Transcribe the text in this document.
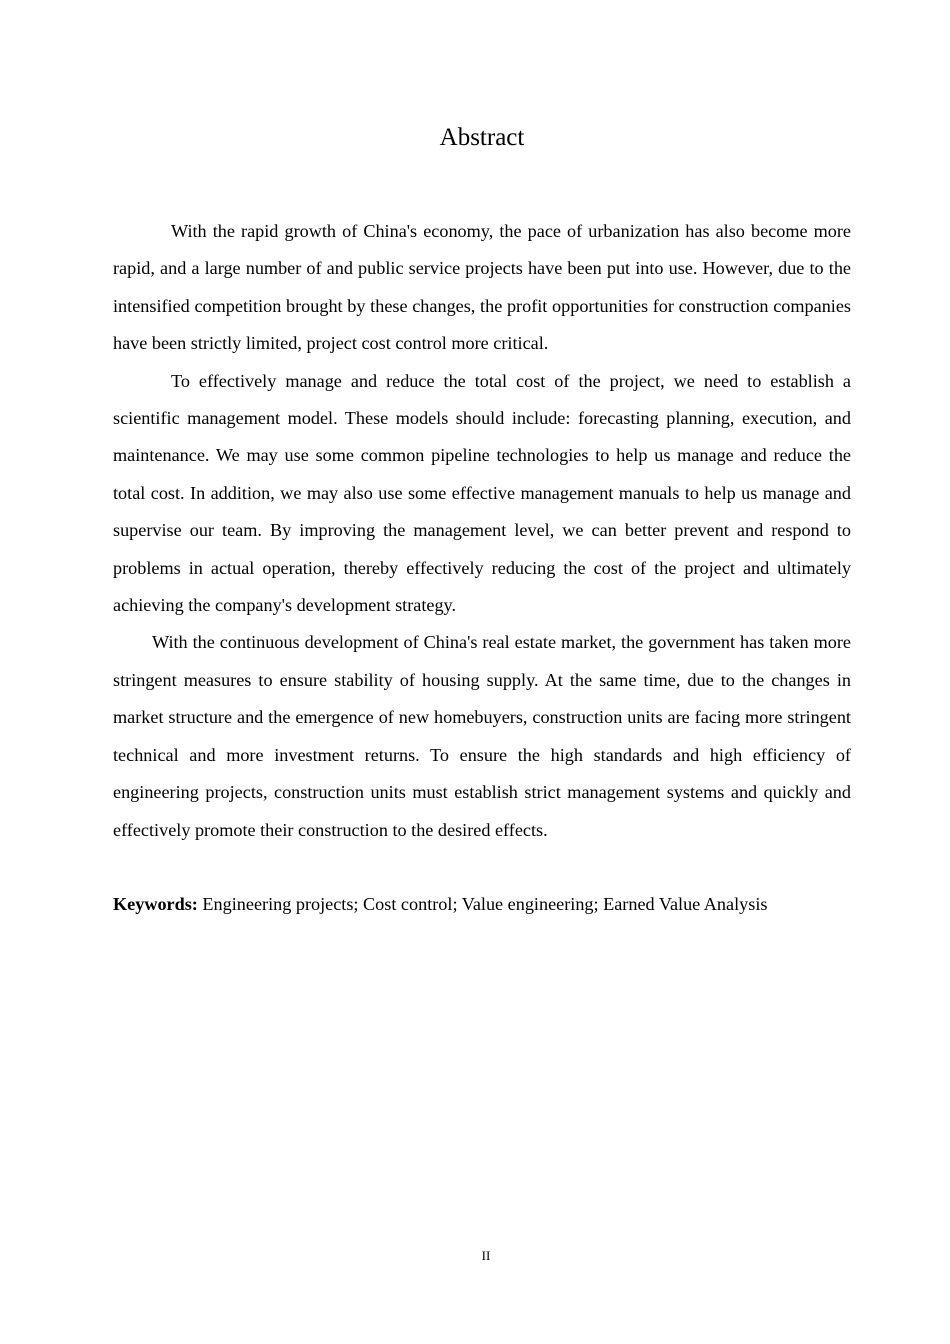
Abstract

With the rapid growth of China's economy, the pace of urbanization has also become more rapid, and a large number of and public service projects have been put into use. However, due to the intensified competition brought by these changes, the profit opportunities for construction companies have been strictly limited, project cost control more critical.

To effectively manage and reduce the total cost of the project, we need to establish a scientific management model. These models should include: forecasting planning, execution, and maintenance. We may use some common pipeline technologies to help us manage and reduce the total cost. In addition, we may also use some effective management manuals to help us manage and supervise our team. By improving the management level, we can better prevent and respond to problems in actual operation, thereby effectively reducing the cost of the project and ultimately achieving the company's development strategy.

With the continuous development of China's real estate market, the government has taken more stringent measures to ensure stability of housing supply. At the same time, due to the changes in market structure and the emergence of new homebuyers, construction units are facing more stringent technical and more investment returns. To ensure the high standards and high efficiency of engineering projects, construction units must establish strict management systems and quickly and effectively promote their construction to the desired effects.

Keywords: Engineering projects; Cost control; Value engineering; Earned Value Analysis

II
